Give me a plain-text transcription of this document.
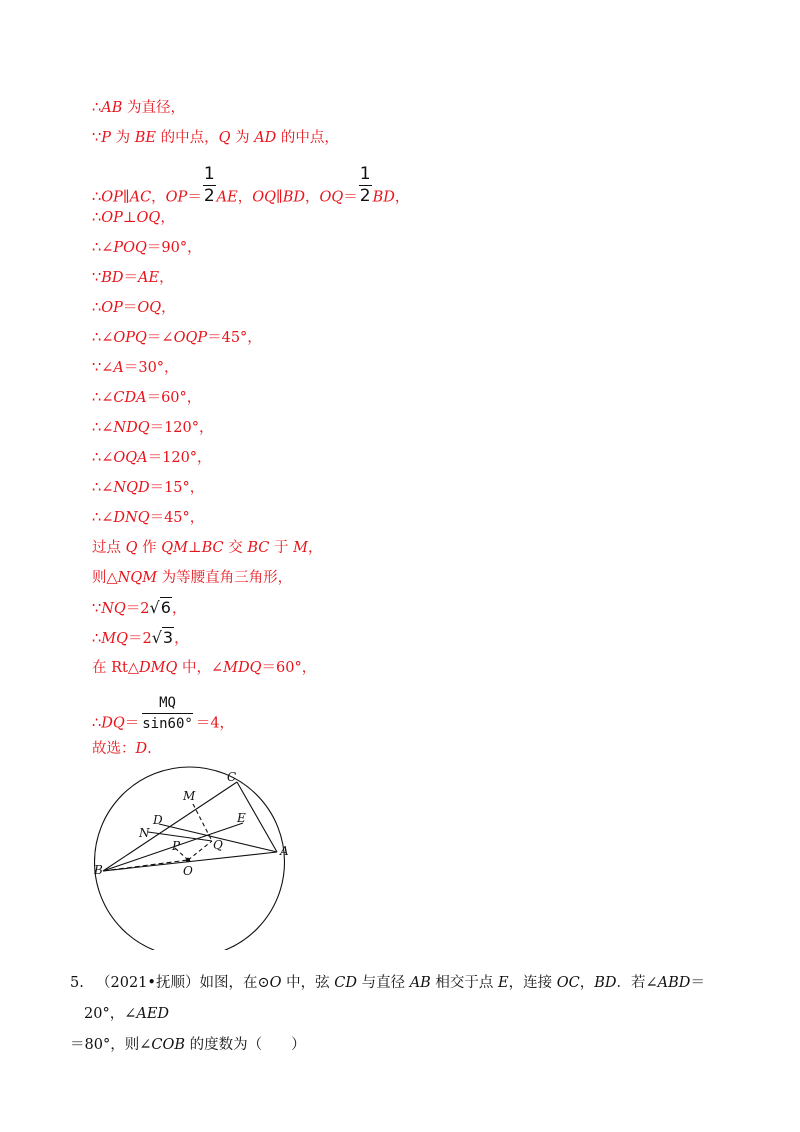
∴AB 为直径，
∵P 为 BE 的中点，Q 为 AD 的中点，
∴OP∥AC，$OP= \frac{1}{2}$ AE，OQ∥BD，$OQ= \frac{1}{2}$ BD，
∴OP⊥OQ，
∴∠POQ＝90°，
∵BD＝AE，
∴OP＝OQ，
∴∠OPQ＝∠OQP＝45°，
∵∠A＝30°，
∴∠CDA＝60°，
∴∠NDQ＝120°，
∴∠OQA＝120°，
∴∠NQD＝15°，
∴∠DNQ＝45°，
过点 Q 作 QM⊥BC 交 BC 于 M，
则△NQM 为等腰直角三角形，
∵NQ＝2√6，
∴MQ＝2√3，
在 Rt△DMQ 中，∠MDQ＝60°，
∴DQ＝ $\frac{MQ}{\sin 60^\circ} =4$，
故选：D.
C
M
E
D
N
P	Q	A
B	O
5. （2021•抚顺）如图，在⊙O 中，弦 CD 与直径 AB 相交于点 E，连接 OC，BD．若∠ABD＝20°，∠AED
＝80°，则∠COB 的度数为（　　）
